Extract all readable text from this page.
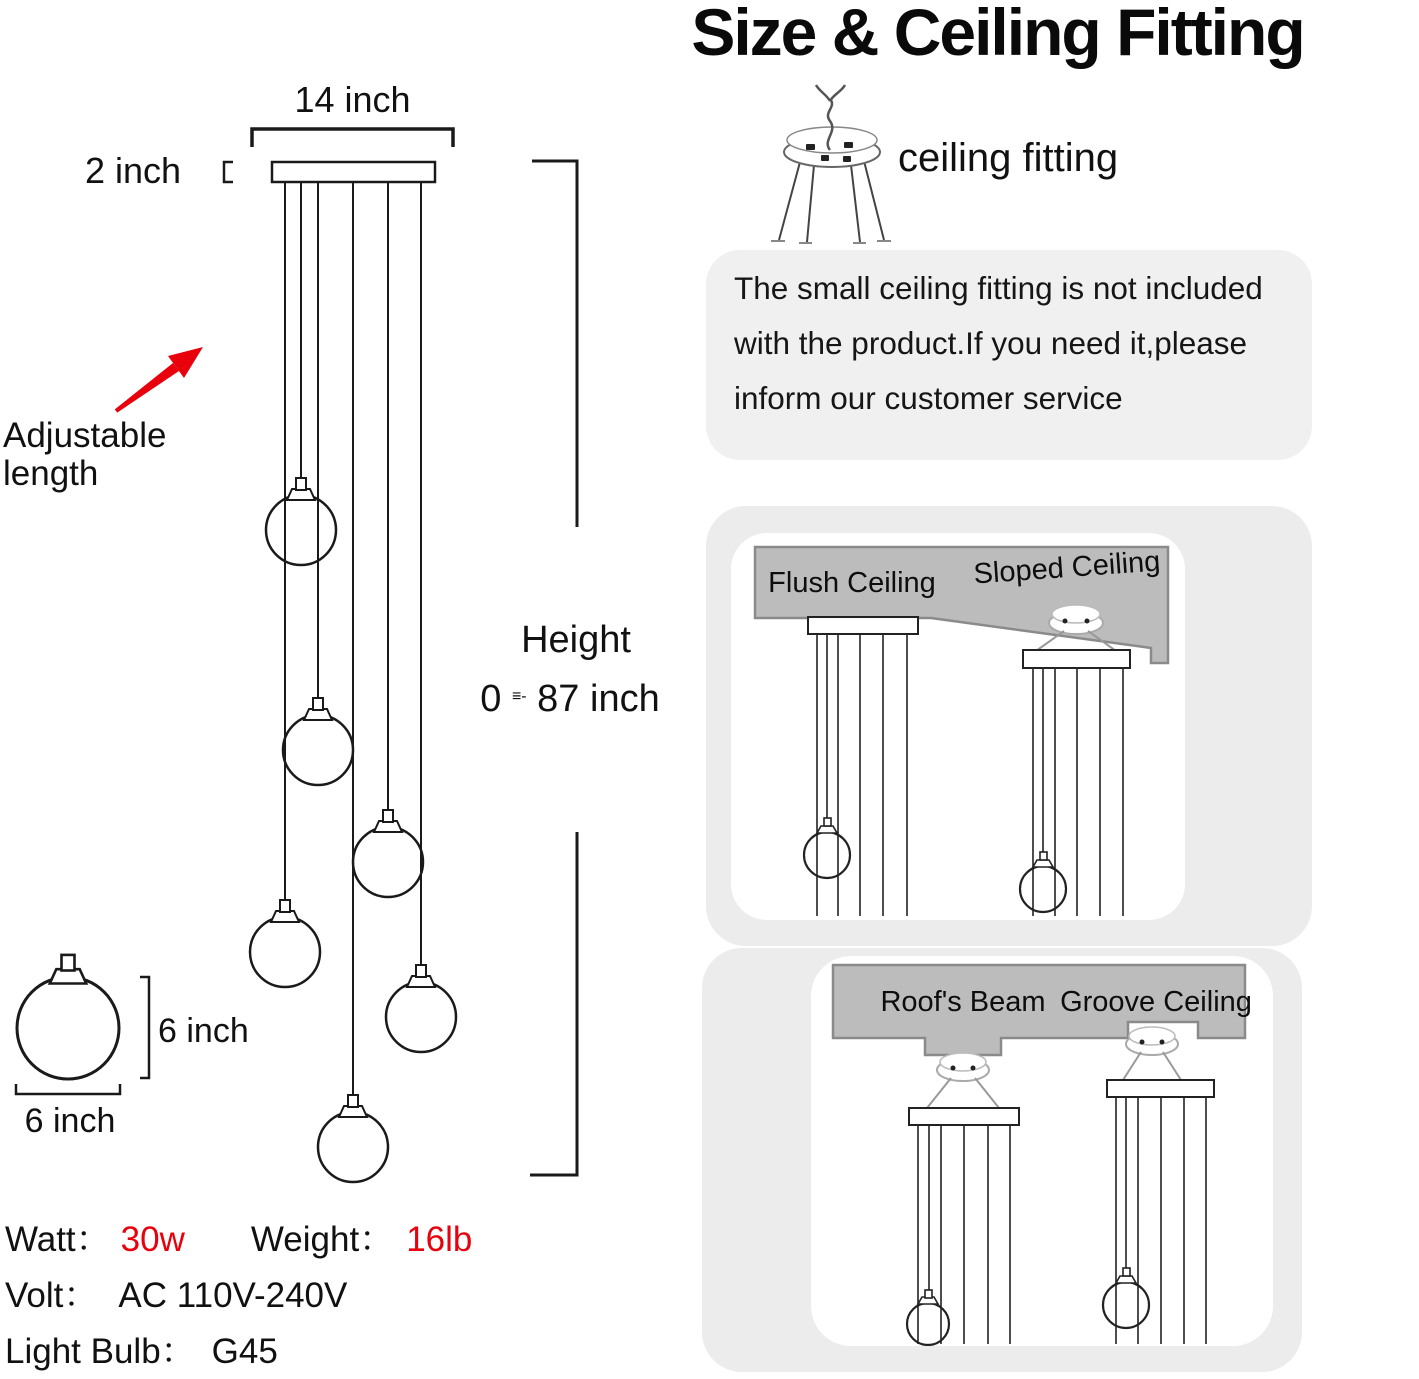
Size & Ceiling Fitting
14 inch
2 inch
Adjustable
length
Height
0 ≡- 87 inch
6 inch
6 inch
Watt： 30w Weight： 16lb
Volt： AC 110V-240V
Light Bulb： G45
ceiling fitting
The small ceiling fitting is not included
with the product.If you need it,please
inform our customer service
Flush Ceiling Sloped Ceiling
Roof's Beam Groove Ceiling
